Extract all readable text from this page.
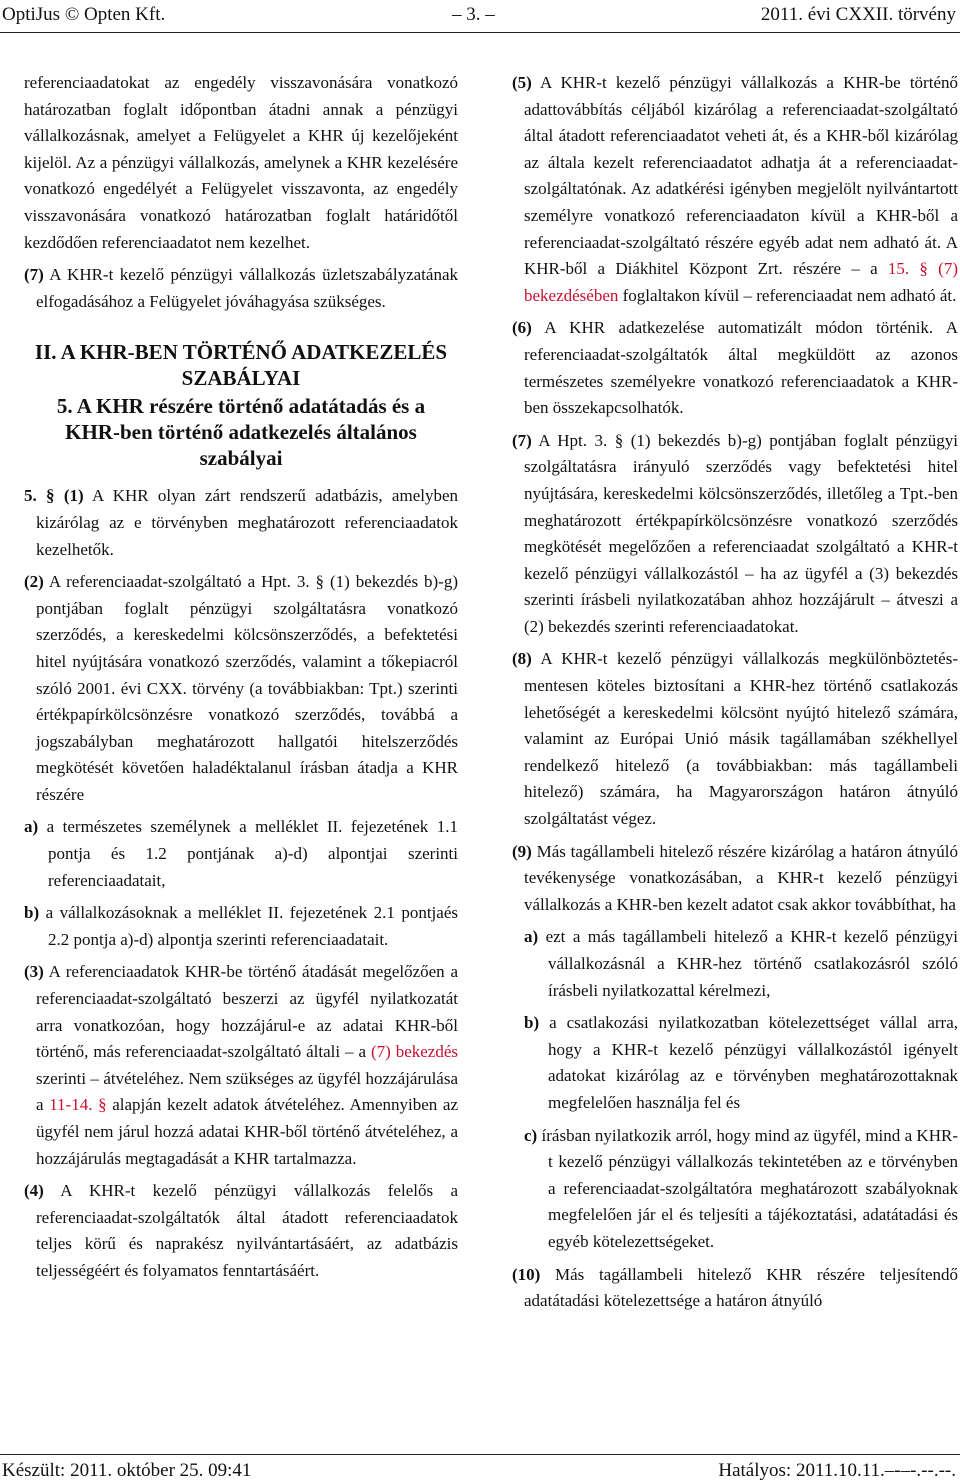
OptiJus © Opten Kft.	– 3. –	2011. évi CXXII. törvény

referenciaadatokat az engedély visszavonására vonatkozó határozatban foglalt időpontban átadni annak a pénzügyi vállalkozásnak, amelyet a Felügyelet a KHR új kezelőjeként kijelöl. Az a pénzügyi vállalkozás, amelynek a KHR kezelésére vonatkozó engedélyét a Felügyelet visszavonta, az engedély visszavonására vonatkozó határozatban foglalt határidőtől kezdődően referenciaadatot nem kezelhet.

(7) A KHR-t kezelő pénzügyi vállalkozás üzletszabályzatának elfogadásához a Felügyelet jóváhagyása szükséges.

II. A KHR-BEN TÖRTÉNŐ ADATKEZELÉS
SZABÁLYAI

5. A KHR részére történő adatátadás és a KHR-ben történő adatkezelés általános szabályai

5. § (1) A KHR olyan zárt rendszerű adatbázis, amelyben kizárólag az e törvényben meghatározott referenciaadatok kezelhetők.

(2) A referenciaadat-szolgáltató a Hpt. 3. § (1) bekezdés b)-g) pontjában foglalt pénzügyi szolgáltatásra vonatkozó szerződés, a kereskedelmi kölcsönszerződés, a befektetési hitel nyújtására vonatkozó szerződés, valamint a tőkepiacról szóló 2001. évi CXX. törvény (a továbbiakban: Tpt.) szerinti értékpapírkölcsönzésre vonatkozó szerződés, továbbá a jogszabályban meghatározott hallgatói hitelszerződés megkötését követően haladéktalanul írásban átadja a KHR részére

a) a természetes személynek a melléklet II. fejezetének 1.1 pontja és 1.2 pontjának a)-d) alpontjai szerinti referenciaadatait,

b) a vállalkozásoknak a melléklet II. fejezetének 2.1 pontjaés 2.2 pontja a)-d) alpontja szerinti referenciaadatait.

(3) A referenciaadatok KHR-be történő átadását megelőzően a referenciaadat-szolgáltató beszerzi az ügyfél nyilatkozatát arra vonatkozóan, hogy hozzájárul-e az adatai KHR-ből történő, más referenciaadat-szolgáltató általi – a (7) bekezdés szerinti – átvételéhez. Nem szükséges az ügyfél hozzájárulása a 11-14. § alapján kezelt adatok átvételéhez. Amennyiben az ügyfél nem járul hozzá adatai KHR-ből történő átvételéhez, a hozzájárulás megtagadását a KHR tartalmazza.

(4) A KHR-t kezelő pénzügyi vállalkozás felelős a referenciaadat-szolgáltatók által átadott referenciaadatok teljes körű és naprakész nyilvántartásáért, az adatbázis teljességéért és folyamatos fenntartásáért.

(5) A KHR-t kezelő pénzügyi vállalkozás a KHR-be történő adattovábbítás céljából kizárólag a referenciaadat-szolgáltató által átadott referenciaadatot veheti át, és a KHR-ből kizárólag az általa kezelt referenciaadatot adhatja át a referenciaadat-szolgáltatónak. Az adatkérési igényben megjelölt nyilvántartott személyre vonatkozó referenciaadaton kívül a KHR-ből a referenciaadat-szolgáltató részére egyéb adat nem adható át. A KHR-ből a Diákhitel Központ Zrt. részére – a 15. § (7) bekezdésében foglaltakon kívül – referenciaadat nem adható át.

(6) A KHR adatkezelése automatizált módon történik. A referenciaadat-szolgáltatók által megküldött az azonos természetes személyekre vonatkozó referenciaadatok a KHR-ben összekapcsolhatók.

(7) A Hpt. 3. § (1) bekezdés b)-g) pontjában foglalt pénzügyi szolgáltatásra irányuló szerződés vagy befektetési hitel nyújtására, kereskedelmi kölcsönszerződés, illetőleg a Tpt.-ben meghatározott értékpapírkölcsönzésre vonatkozó szerződés megkötését megelőzően a referenciaadat szolgáltató a KHR-t kezelő pénzügyi vállalkozástól – ha az ügyfél a (3) bekezdés szerinti írásbeli nyilatkozatában ahhoz hozzájárult – átveszi a (2) bekezdés szerinti referenciaadatokat.

(8) A KHR-t kezelő pénzügyi vállalkozás megkülönböztetés-mentesen köteles biztosítani a KHR-hez történő csatlakozás lehetőségét a kereskedelmi kölcsönt nyújtó hitelező számára, valamint az Európai Unió másik tagállamában székhellyel rendelkező hitelező (a továbbiakban: más tagállambeli hitelező) számára, ha Magyarországon határon átnyúló szolgáltatást végez.

(9) Más tagállambeli hitelező részére kizárólag a határon átnyúló tevékenysége vonatkozásában, a KHR-t kezelő pénzügyi vállalkozás a KHR-ben kezelt adatot csak akkor továbbíthat, ha

a) ezt a más tagállambeli hitelező a KHR-t kezelő pénzügyi vállalkozásnál a KHR-hez történő csatlakozásról szóló írásbeli nyilatkozattal kérelmezi,

b) a csatlakozási nyilatkozatban kötelezettséget vállal arra, hogy a KHR-t kezelő pénzügyi vállalkozástól igényelt adatokat kizárólag az e törvényben meghatározottaknak megfelelően használja fel és

c) írásban nyilatkozik arról, hogy mind az ügyfél, mind a KHR-t kezelő pénzügyi vállalkozás tekintetében az e törvényben a referenciaadat-szolgáltatóra meghatározott szabályoknak megfelelően jár el és teljesíti a tájékoztatási, adatátadási és egyéb kötelezettségeket.

(10) Más tagállambeli hitelező KHR részére teljesítendő adatátadási kötelezettsége a határon átnyúló

Készült: 2011. október 25. 09:41	Hatályos: 2011.10.11.–-–-.--.--.
